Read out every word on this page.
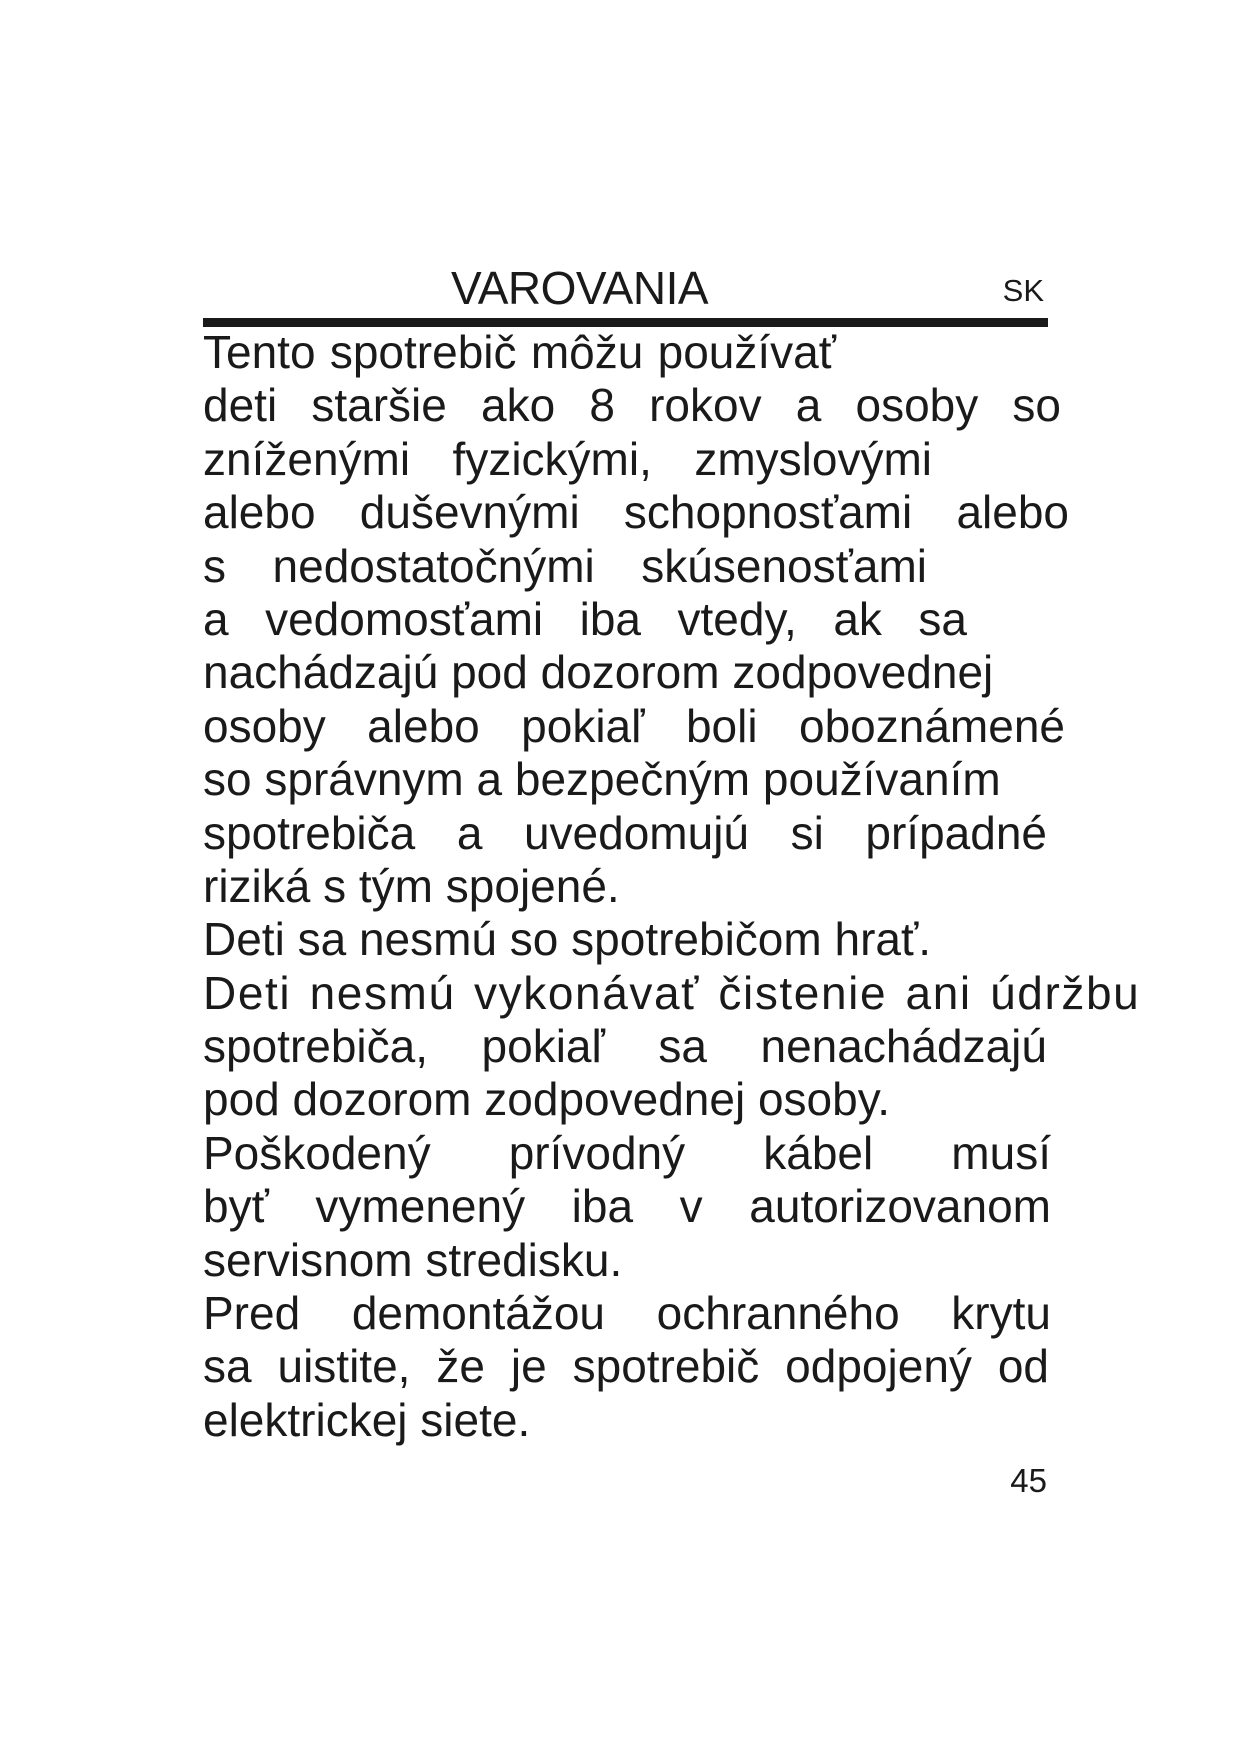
VAROVANIA	SK
Tento spotrebič môžu používať
deti staršie ako 8 rokov a osoby so
zníženými fyzickými, zmyslovými
alebo duševnými schopnosťami alebo
s nedostatočnými skúsenosťami
a vedomosťami iba vtedy, ak sa
nachádzajú pod dozorom zodpovednej
osoby alebo pokiaľ boli oboznámené
so správnym a bezpečným používaním
spotrebiča a uvedomujú si prípadné
riziká s tým spojené.
Deti sa nesmú so spotrebičom hrať.
Deti nesmú vykonávať čistenie ani údržbu
spotrebiča, pokiaľ sa nenachádzajú
pod dozorom zodpovednej osoby.
Poškodený prívodný kábel musí
byť vymenený iba v autorizovanom
servisnom stredisku.
Pred demontážou ochranného krytu
sa uistite, že je spotrebič odpojený od
elektrickej siete.
45
